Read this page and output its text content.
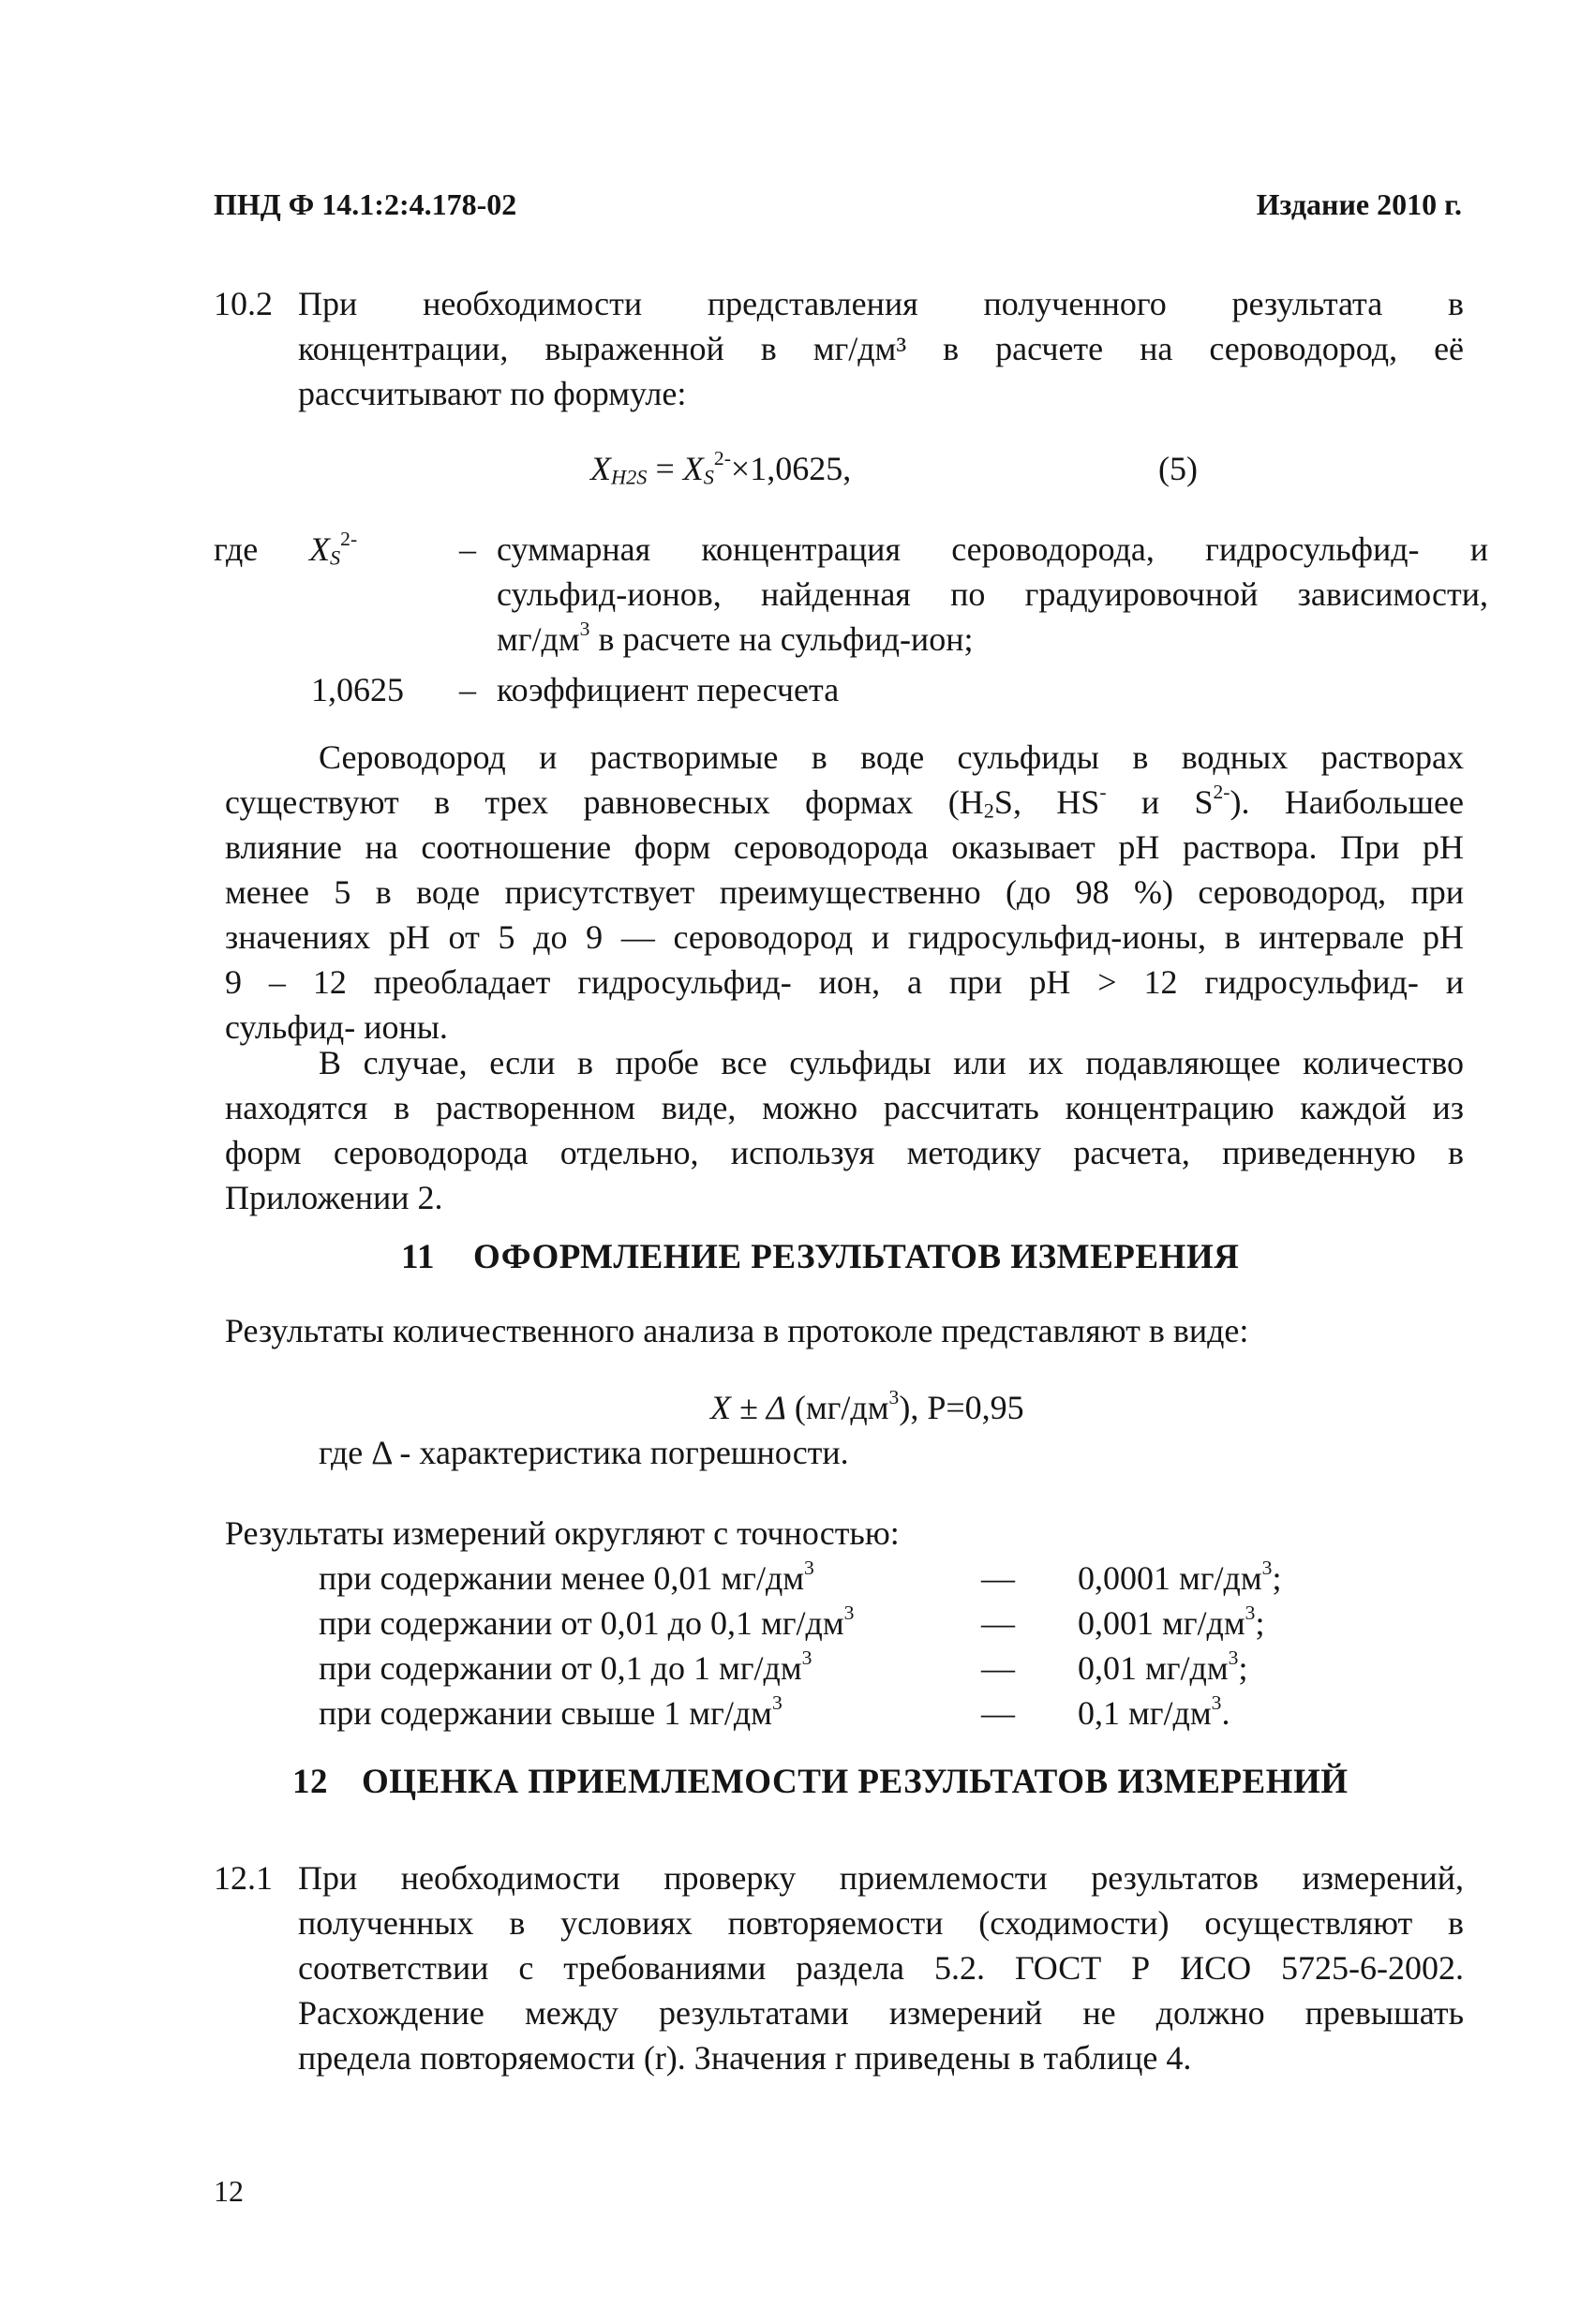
ПНД Ф 14.1:2:4.178-02	Издание 2010 г.
10.2 При необходимости представления полученного результата в
концентрации, выраженной в мг/дм³ в расчете на сероводород, её
рассчитывают по формуле:
$X_{H2S} = X_S^{2-}\times 1,0625$,	(5)
где $X_S^{2-}$	– суммарная концентрация сероводорода, гидросульфид- и
сульфид-ионов, найденная по градуировочной зависимости,
$мг/дм^3$ в расчете на сульфид-ион;
1,0625 – коэффициент пересчета
Сероводород и растворимые в воде сульфиды в водных растворах
существуют в трех равновесных формах ($H_2S$, HS- и $S^{2-}$). Наибольшее
влияние на соотношение форм сероводорода оказывает pH раствора. При pH
менее 5 в воде присутствует преимущественно (до 98 %) сероводород, при
значениях pH от 5 до 9 — сероводород и гидросульфид-ионы, в интервале pH
9 – 12 преобладает гидросульфид- ион, а при pH > 12 гидросульфид- и
сульфид- ионы.
В случае, если в пробе все сульфиды или их подавляющее количество
находятся в растворенном виде, можно рассчитать концентрацию каждой из
форм сероводорода отдельно, используя методику расчета, приведенную в
Приложении 2.
11 ОФОРМЛЕНИЕ РЕЗУЛЬТАТОВ ИЗМЕРЕНИЯ
Результаты количественного анализа в протоколе представляют в виде:
X ± Δ $(мг/дм^3)$, P=0,95
где Δ - характеристика погрешности.
Результаты измерений округляют с точностью:
при содержании менее 0,01 $мг/дм^3$	— 0,0001 $мг/дм^3$;
при содержании от 0,01 до 0,1 $мг/дм^3$	— 0,001 $мг/дм^3$;
при содержании от 0,1 до 1 $мг/дм^3$	— 0,01 $мг/дм^3$;
при содержании свыше 1 $мг/дм^3$	— 0,1 $мг/дм^3$.
12 ОЦЕНКА ПРИЕМЛЕМОСТИ РЕЗУЛЬТАТОВ ИЗМЕРЕНИЙ
12.1 При необходимости проверку приемлемости результатов измерений,
полученных в условиях повторяемости (сходимости) осуществляют в
соответствии с требованиями раздела 5.2. ГОСТ Р ИСО 5725-6-2002.
Расхождение между результатами измерений не должно превышать
предела повторяемости (r). Значения r приведены в таблице 4.
12
